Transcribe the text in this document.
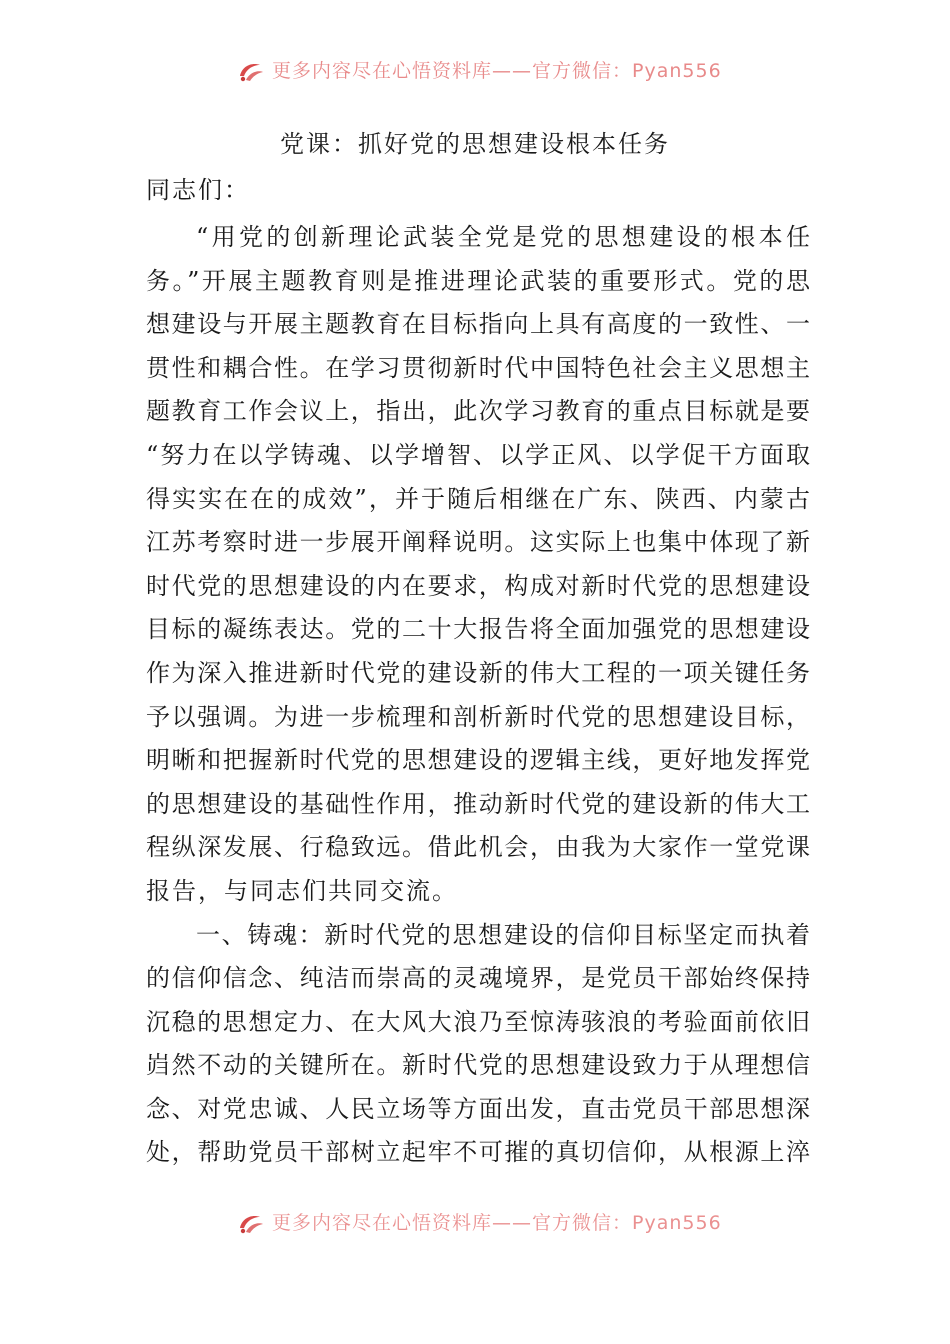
更多内容尽在心悟资料库——官方微信：Pyan556
党课：抓好党的思想建设根本任务
同志们：
“用党的创新理论武装全党是党的思想建设的根本任
务。”开展主题教育则是推进理论武装的重要形式。党的思
想建设与开展主题教育在目标指向上具有高度的一致性、一
贯性和耦合性。在学习贯彻新时代中国特色社会主义思想主
题教育工作会议上，指出，此次学习教育的重点目标就是要
“努力在以学铸魂、以学增智、以学正风、以学促干方面取
得实实在在的成效”，并于随后相继在广东、陕西、内蒙古
江苏考察时进一步展开阐释说明。这实际上也集中体现了新
时代党的思想建设的内在要求，构成对新时代党的思想建设
目标的凝练表达。党的二十大报告将全面加强党的思想建设
作为深入推进新时代党的建设新的伟大工程的一项关键任务
予以强调。为进一步梳理和剖析新时代党的思想建设目标，
明晰和把握新时代党的思想建设的逻辑主线，更好地发挥党
的思想建设的基础性作用，推动新时代党的建设新的伟大工
程纵深发展、行稳致远。借此机会，由我为大家作一堂党课
报告，与同志们共同交流。
一、铸魂：新时代党的思想建设的信仰目标坚定而执着
的信仰信念、纯洁而崇高的灵魂境界，是党员干部始终保持
沉稳的思想定力、在大风大浪乃至惊涛骇浪的考验面前依旧
岿然不动的关键所在。新时代党的思想建设致力于从理想信
念、对党忠诚、人民立场等方面出发，直击党员干部思想深
处，帮助党员干部树立起牢不可摧的真切信仰，从根源上淬
更多内容尽在心悟资料库——官方微信：Pyan556
